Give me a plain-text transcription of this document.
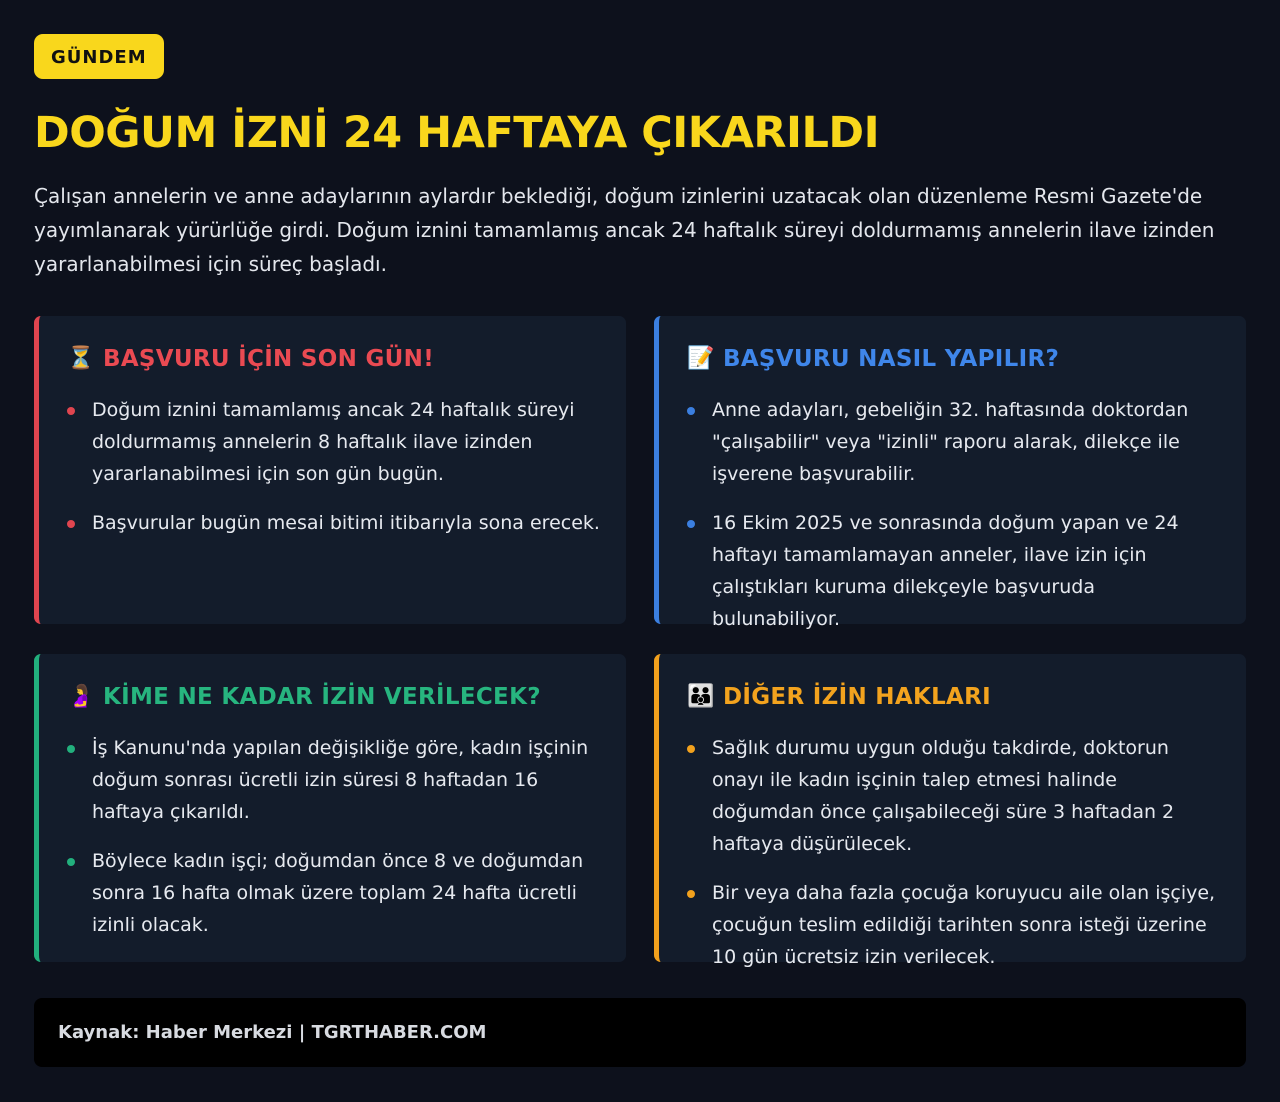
GÜNDEM
DOĞUM İZNİ 24 HAFTAYA ÇIKARILDI
Çalışan annelerin ve anne adaylarının aylardır beklediği, doğum izinlerini uzatacak olan düzenleme Resmi Gazete'de yayımlanarak yürürlüğe girdi. Doğum iznini tamamlamış ancak 24 haftalık süreyi doldurmamış annelerin ilave izinden yararlanabilmesi için süreç başladı.
⏳ BAŞVURU İÇİN SON GÜN!
Doğum iznini tamamlamış ancak 24 haftalık süreyi doldurmamış annelerin 8 haftalık ilave izinden yararlanabilmesi için son gün bugün.
Başvurular bugün mesai bitimi itibarıyla sona erecek.
📝 BAŞVURU NASIL YAPILIR?
Anne adayları, gebeliğin 32. haftasında doktordan "çalışabilir" veya "izinli" raporu alarak, dilekçe ile işverene başvurabilir.
16 Ekim 2025 ve sonrasında doğum yapan ve 24 haftayı tamamlamayan anneler, ilave izin için çalıştıkları kuruma dilekçeyle başvuruda bulunabiliyor.
🤰 KİME NE KADAR İZİN VERİLECEK?
İş Kanunu'nda yapılan değişikliğe göre, kadın işçinin doğum sonrası ücretli izin süresi 8 haftadan 16 haftaya çıkarıldı.
Böylece kadın işçi; doğumdan önce 8 ve doğumdan sonra 16 hafta olmak üzere toplam 24 hafta ücretli izinli olacak.
👪 DİĞER İZİN HAKLARI
Sağlık durumu uygun olduğu takdirde, doktorun onayı ile kadın işçinin talep etmesi halinde doğumdan önce çalışabileceği süre 3 haftadan 2 haftaya düşürülecek.
Bir veya daha fazla çocuğa koruyucu aile olan işçiye, çocuğun teslim edildiği tarihten sonra isteği üzerine 10 gün ücretsiz izin verilecek.
Kaynak: Haber Merkezi | TGRTHABER.COM
